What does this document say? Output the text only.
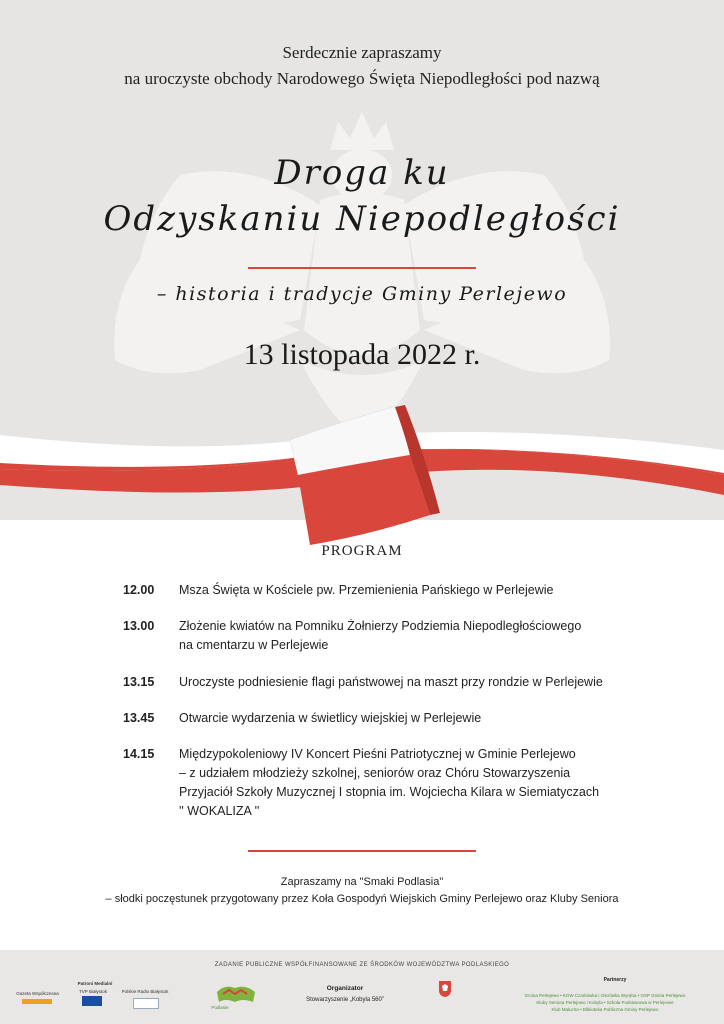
Serdecznie zapraszamy
na uroczyste obchody Narodowego Święta Niepodległości pod nazwą
Droga ku
Odzyskaniu Niepodległości
– historia i tradycje Gminy Perlejewo
13 listopada 2022 r.
PROGRAM
12.00	Msza Święta w Kościele pw. Przemienienia Pańskiego w Perlejewie
13.00	Złożenie kwiatów na Pomniku Żołnierzy Podziemia Niepodległościowego
na cmentarzu w Perlejewie
13.15	Uroczyste podniesienie flagi państwowej na maszt przy rondzie w Perlejewie
13.45	Otwarcie wydarzenia w świetlicy wiejskiej w Perlejewie
14.15	Międzypokoleniowy IV Koncert Pieśni Patriotycznej w Gminie Perlejewo
– z udziałem młodzieży szkolnej, seniorów oraz Chóru Stowarzyszenia
Przyjaciół Szkoły Muzycznej I stopnia im. Wojciecha Kilara w Siemiatyczach
'' WOKALIZA ''
Zapraszamy na "Smaki Podlasia"
– słodki poczęstunek przygotowany przez Koła Gospodyń Wiejskich Gminy Perlejewo oraz Kluby Seniora
ZADANIE PUBLICZNE WSPÓŁFINANSOWANE ZE ŚRODKÓW WOJEWÓDZTWA PODLASKIEGO
Patroni Medialni
Gazeta Współczesna	TVP Białystok	Polskie Radio Białystok
Podlasie
Organizator
Stowarzyszenie „Kobyla 560”
Partnerzy
Gmina Perlejewo • KGW Czarkówka i Ostrówka Wyręba • OSP Gmina Perlejewo
Kluby Seniora Perlejewo i Kobyla • Szkoła Podstawowa w Perlejewie
Klub Malucha • Biblioteka Publiczna Gminy Perlejewo
